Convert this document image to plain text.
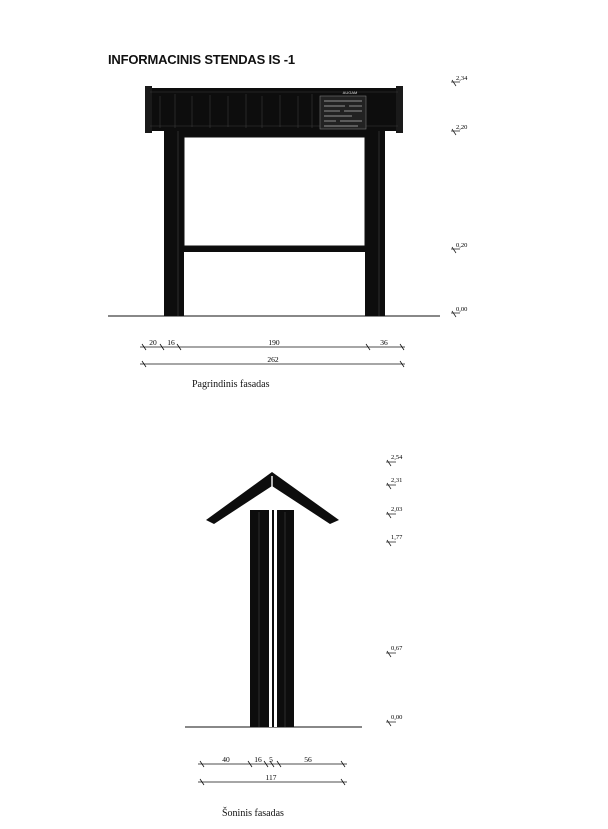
INFORMACINIS STENDAS IS -1
AUGAM
2,34
2,20
0,20
0,00
20 16	190	36
262
2,54
2,31
2,03
1,77
0,67
0,00
40	16 5	56
117
Pagrindinis fasadas
Šoninis fasadas
